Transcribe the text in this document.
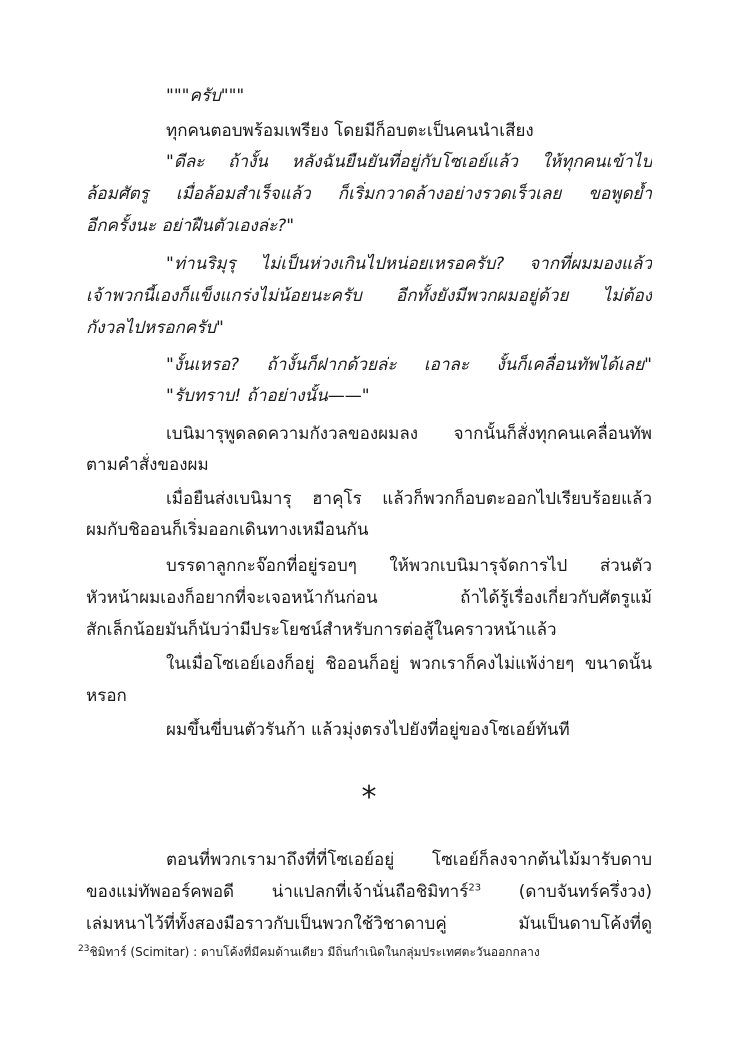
"""ครับ"""
ทุกคนตอบพร้อมเพรียง โดยมีก็อบตะเป็นคนนำเสียง
"ดีละ ถ้างั้น หลังฉันยืนยันที่อยู่กับโซเอย์แล้ว ให้ทุกคนเข้าไป
ล้อมศัตรู เมื่อล้อมสำเร็จแล้ว ก็เริ่มกวาดล้างอย่างรวดเร็วเลย ขอพูดย้ำ
อีกครั้งนะ อย่าฝืนตัวเองล่ะ?"
"ท่านริมุรุ ไม่เป็นห่วงเกินไปหน่อยเหรอครับ? จากที่ผมมองแล้ว
เจ้าพวกนี้เองก็แข็งแกร่งไม่น้อยนะครับ อีกทั้งยังมีพวกผมอยู่ด้วย ไม่ต้อง
กังวลไปหรอกครับ"
"งั้นเหรอ? ถ้างั้นก็ฝากด้วยล่ะ เอาละ งั้นก็เคลื่อนทัพได้เลย"
"รับทราบ! ถ้าอย่างนั้น——"
เบนิมารุพูดลดความกังวลของผมลง จากนั้นก็สั่งทุกคนเคลื่อนทัพ
ตามคำสั่งของผม
เมื่อยืนส่งเบนิมารุ ฮาคุโร แล้วก็พวกก็อบตะออกไปเรียบร้อยแล้ว
ผมกับชิออนก็เริ่มออกเดินทางเหมือนกัน
บรรดาลูกกะจ๊อกที่อยู่รอบๆ ให้พวกเบนิมารุจัดการไป ส่วนตัว
หัวหน้าผมเองก็อยากที่จะเจอหน้ากันก่อน ถ้าได้รู้เรื่องเกี่ยวกับศัตรูแม้
สักเล็กน้อยมันก็นับว่ามีประโยชน์สำหรับการต่อสู้ในคราวหน้าแล้ว
ในเมื่อโซเอย์เองก็อยู่ ชิออนก็อยู่ พวกเราก็คงไม่แพ้ง่ายๆ ขนาดนั้น
หรอก
ผมขึ้นขี่บนตัวรันก้า แล้วมุ่งตรงไปยังที่อยู่ของโซเอย์ทันที
*
ตอนที่พวกเรามาถึงที่ที่โซเอย์อยู่ โซเอย์ก็ลงจากต้นไม้มารับดาบ
ของแม่ทัพออร์คพอดี น่าแปลกที่เจ้านั่นถือชิมิทาร์$^{23}$ (ดาบจันทร์ครึ่งวง)
เล่มหนาไว้ที่ทั้งสองมือราวกับเป็นพวกใช้วิชาดาบคู่ มันเป็นดาบโค้งที่ดู
$^{23}$ชิมิทาร์ (Scimitar) : ดาบโค้งที่มีคมด้านเดียว มีถิ่นกำเนิดในกลุ่มประเทศตะวันออกกลาง
